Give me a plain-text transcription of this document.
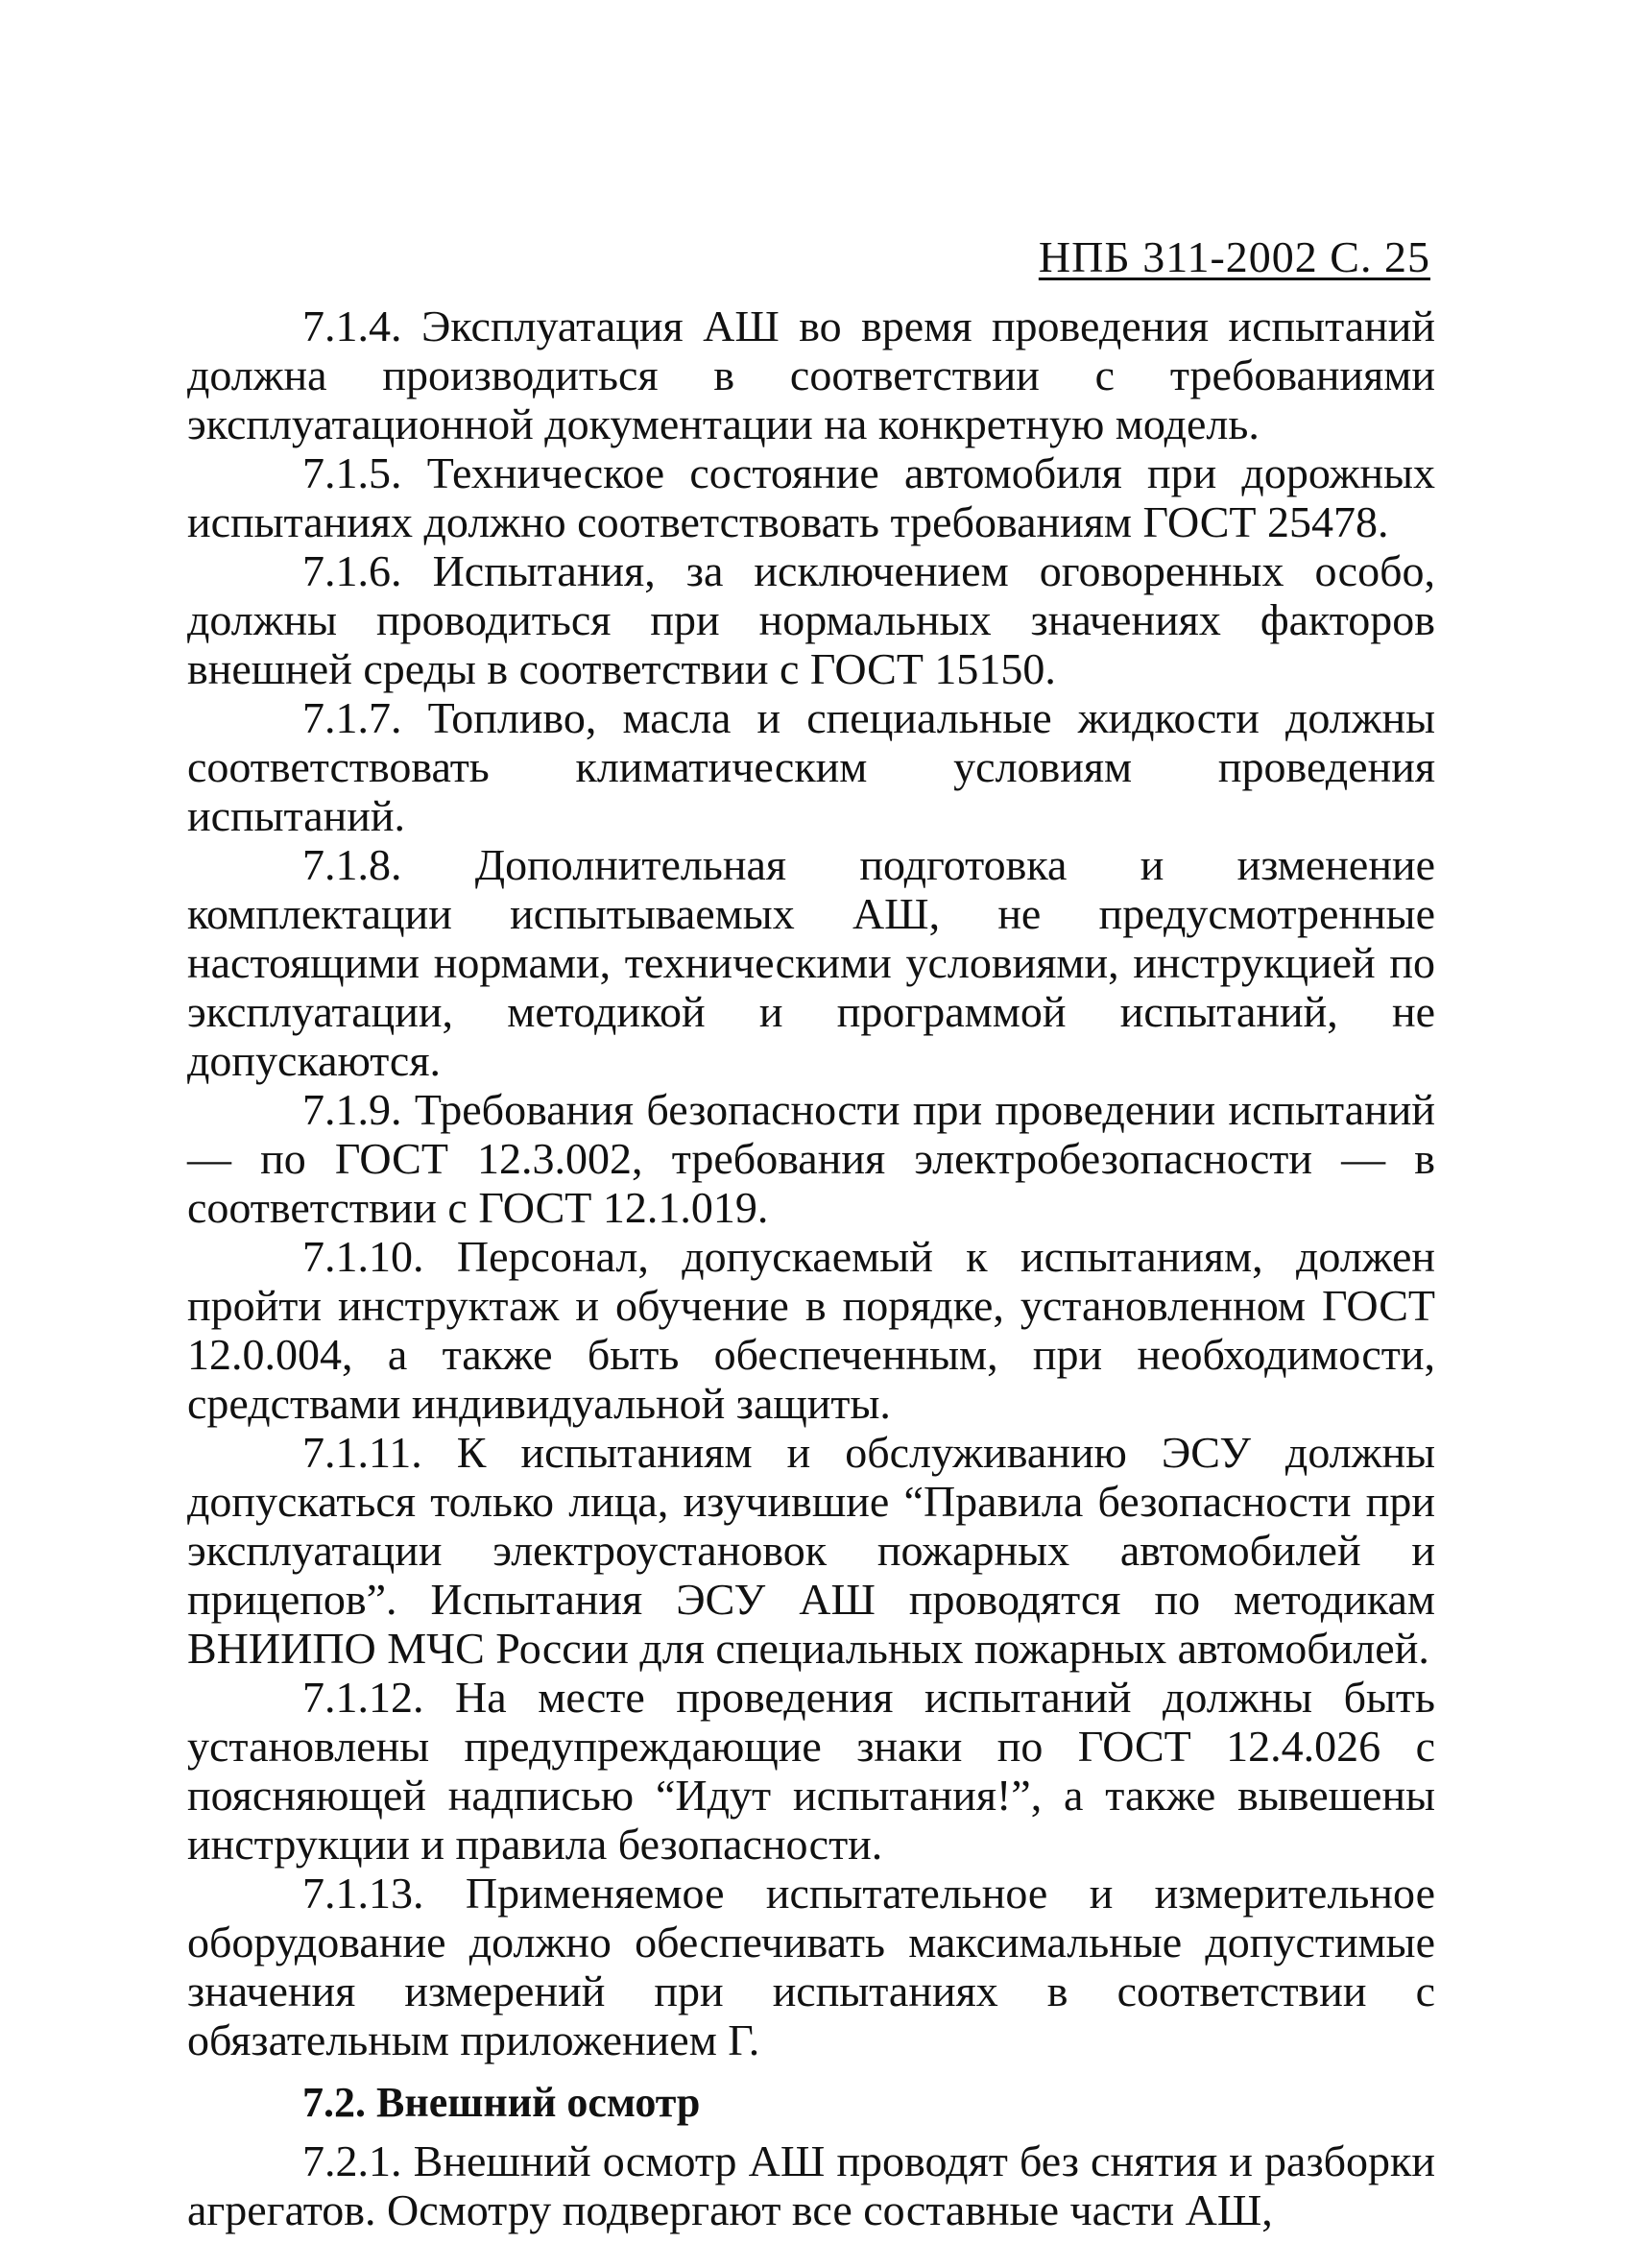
НПБ 311-2002 С. 25

7.1.4. Эксплуатация АШ во время проведения испытаний должна производиться в соответствии с требованиями эксплуатационной документации на конкретную модель.

7.1.5. Техническое состояние автомобиля при дорожных испытаниях должно соответствовать требованиям ГОСТ 25478.

7.1.6. Испытания, за исключением оговоренных особо, должны проводиться при нормальных значениях факторов внешней среды в соответствии с ГОСТ 15150.

7.1.7. Топливо, масла и специальные жидкости должны соответствовать климатическим условиям проведения испытаний.

7.1.8. Дополнительная подготовка и изменение комплектации испытываемых АШ, не предусмотренные настоящими нормами, техническими условиями, инструкцией по эксплуатации, методикой и программой испытаний, не допускаются.

7.1.9. Требования безопасности при проведении испытаний — по ГОСТ 12.3.002, требования электробезопасности — в соответствии с ГОСТ 12.1.019.

7.1.10. Персонал, допускаемый к испытаниям, должен пройти инструктаж и обучение в порядке, установленном ГОСТ 12.0.004, а также быть обеспеченным, при необходимости, средствами индивидуальной защиты.

7.1.11. К испытаниям и обслуживанию ЭСУ должны допускаться только лица, изучившие “Правила безопасности при эксплуатации электроустановок пожарных автомобилей и прицепов”. Испытания ЭСУ АШ проводятся по методикам ВНИИПО МЧС России для специальных пожарных автомобилей.

7.1.12. На месте проведения испытаний должны быть установлены предупреждающие знаки по ГОСТ 12.4.026 с поясняющей надписью “Идут испытания!”, а также вывешены инструкции и правила безопасности.

7.1.13. Применяемое испытательное и измерительное оборудование должно обеспечивать максимальные допустимые значения измерений при испытаниях в соответствии с обязательным приложением Г.

7.2. Внешний осмотр

7.2.1. Внешний осмотр АШ проводят без снятия и разборки агрегатов. Осмотру подвергают все составные части АШ,
